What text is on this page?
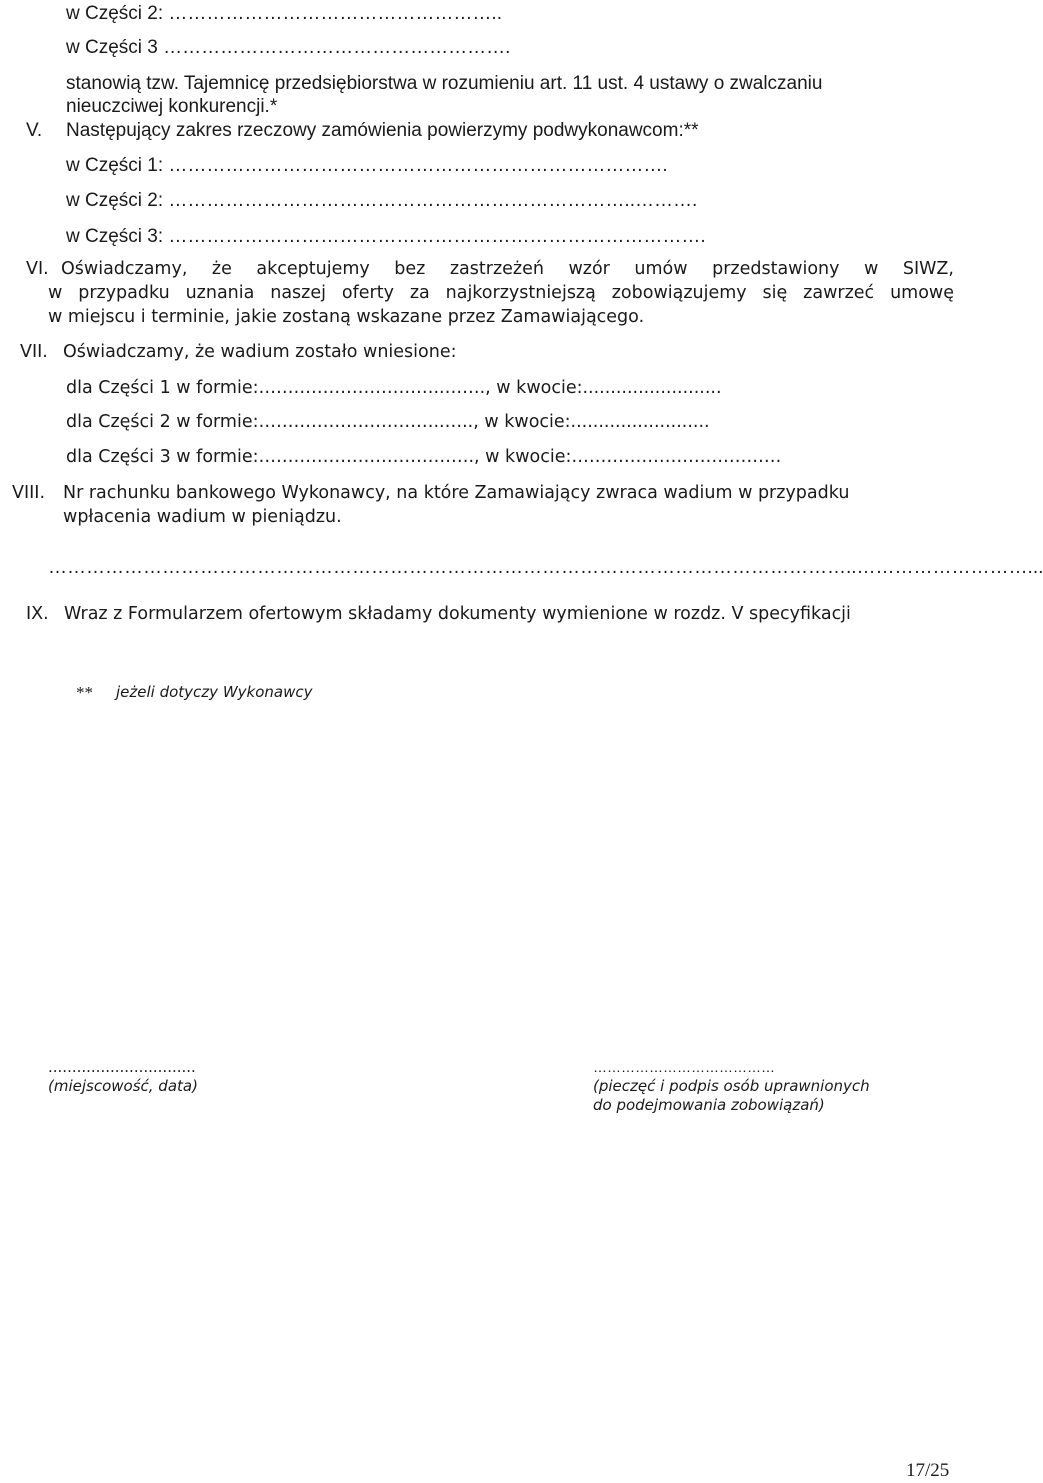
w Części 2: ……………………………………………..
w Części 3 ……………………………………………….
stanowią tzw. Tajemnicę przedsiębiorstwa w rozumieniu art. 11 ust. 4 ustawy o zwalczaniu
nieuczciwej konkurencji.*
V. Następujący zakres rzeczowy zamówienia powierzymy podwykonawcom:**
w Części 1: …………………………………………………………………….
w Części 2: ………………………………………………………………..……….
w Części 3: ………………………………………………………………………….
VI. Oświadczamy, że akceptujemy bez zastrzeżeń wzór umów przedstawiony w SIWZ,
w przypadku uznania naszej oferty za najkorzystniejszą zobowiązujemy się zawrzeć umowę
w miejscu i terminie, jakie zostaną wskazane przez Zamawiającego.
VII. Oświadczamy, że wadium zostało wniesione:
dla Części 1 w formie:…………………………..……., w kwocie:.........................
dla Części 2 w formie:…………………………..….., w kwocie:.........................
dla Części 3 w formie:………………………………., w kwocie:………………………………
VIII. Nr rachunku bankowego Wykonawcy, na które Zamawiający zwraca wadium w przypadku
wpłacenia wadium w pieniądzu.
………………………………………………………………………………………………………………..………………………...
IX. Wraz z Formularzem ofertowym składamy dokumenty wymienione w rozdz. V specyfikacji
** jeżeli dotyczy Wykonawcy
...............................
(miejscowość, data)
…………………………………
(pieczęć i podpis osób uprawnionych
do podejmowania zobowiązań)
17/25
